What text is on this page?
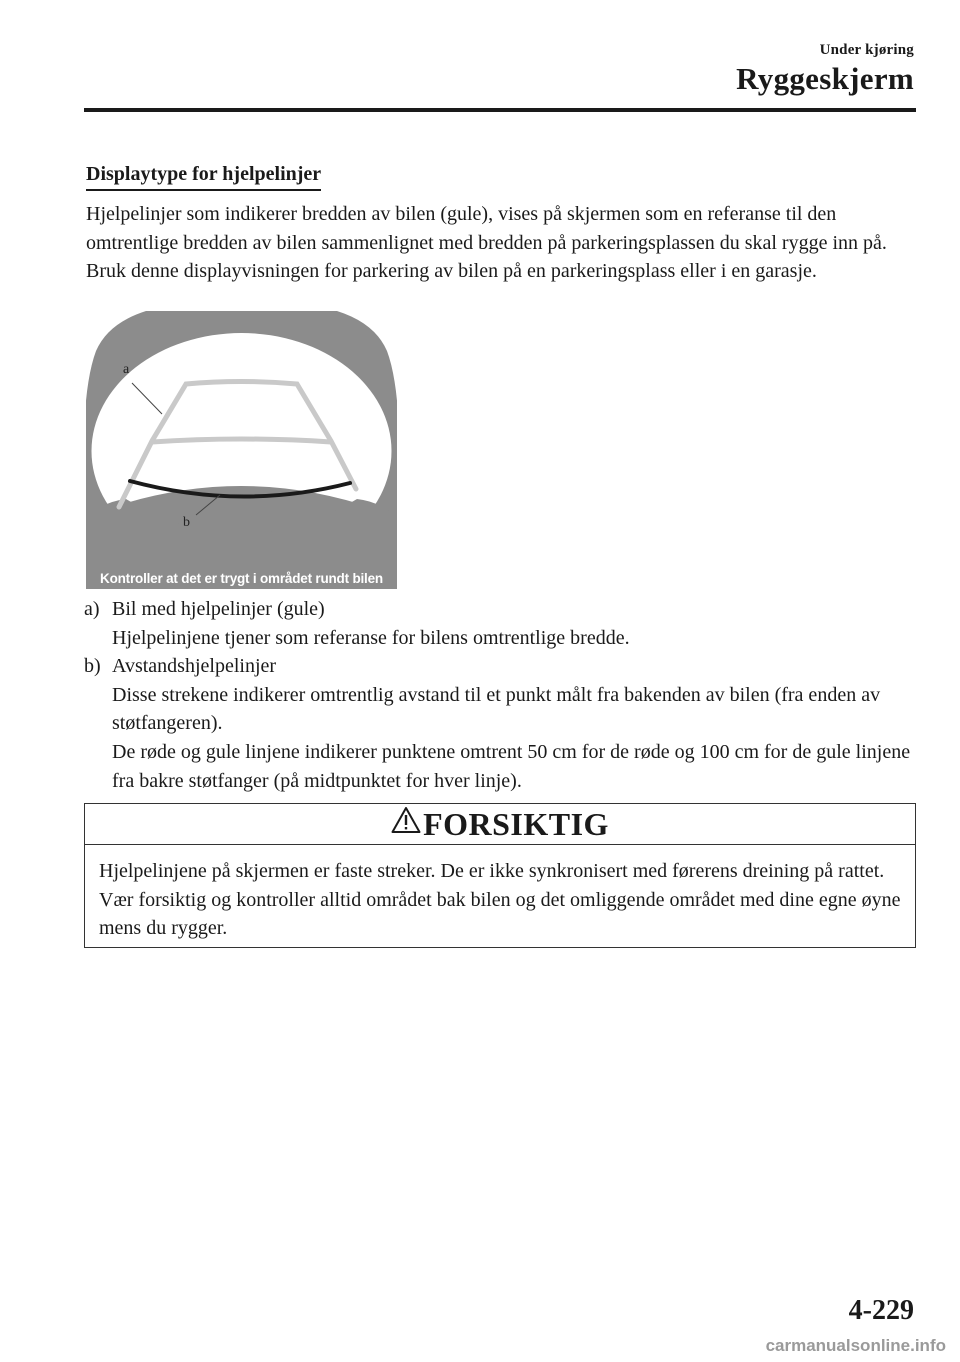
Under kjøring
Ryggeskjerm
Displaytype for hjelpelinjer

Hjelpelinjer som indikerer bredden av bilen (gule), vises på skjermen som en referanse til den omtrentlige bredden av bilen sammenlignet med bredden på parkeringsplassen du skal rygge inn på.

Bruk denne displayvisningen for parkering av bilen på en parkeringsplass eller i en garasje.

a
b
Kontroller at det er trygt i området rundt bilen
a) Bil med hjelpelinjer (gule)

Hjelpelinjene tjener som referanse for bilens omtrentlige bredde.

b) Avstandshjelpelinjer

Disse strekene indikerer omtrentlig avstand til et punkt målt fra bakenden av bilen (fra enden av støtfangeren).

De røde og gule linjene indikerer punktene omtrent 50 cm for de røde og 100 cm for de gule linjene fra bakre støtfanger (på midtpunktet for hver linje).

FORSIKTIG
Hjelpelinjene på skjermen er faste streker. De er ikke synkronisert med førerens dreining på rattet. Vær forsiktig og kontroller alltid området bak bilen og det omliggende området med dine egne øyne mens du rygger.
4-229
carmanualsonline.info
